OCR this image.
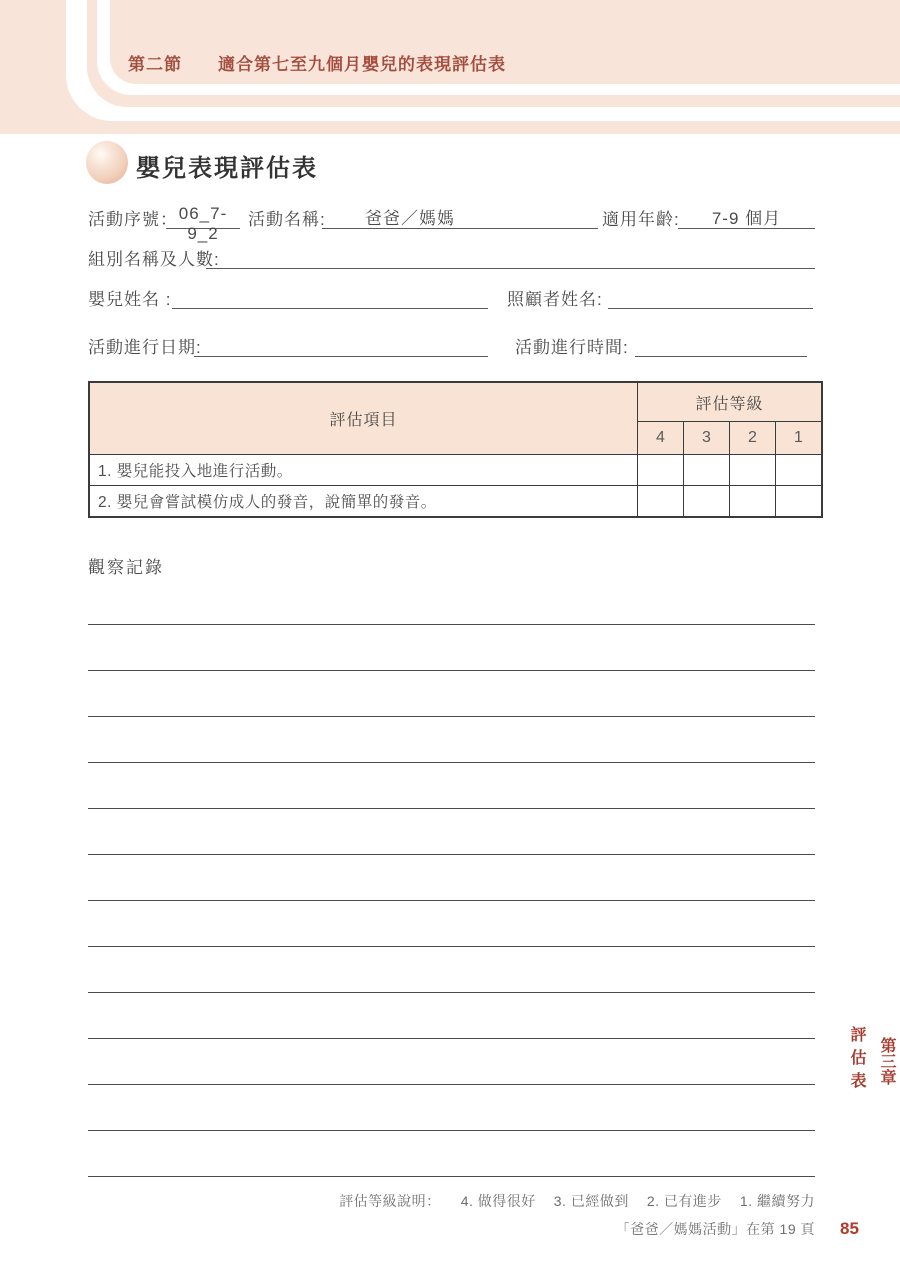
第二節 適合第七至九個月嬰兒的表現評估表
嬰兒表現評估表
活動序號： 06_7-9_2
活動名稱:	爸爸／媽媽	適用年齡:	7-9 個月
組別名稱及人數:
嬰兒姓名 :	照顧者姓名:
活動進行日期:	活動進行時間:
評估項目	評估等級			
	4	3	2	1
1. 嬰兒能投入地進行活動。				
2. 嬰兒會嘗試模仿成人的發音，說簡單的發音。				
觀察記錄
評估等級說明： 4. 做得很好 3. 已經做到 2. 已有進步 1. 繼續努力
「爸爸／媽媽活動」在第 19 頁
第三章
評估表
85
